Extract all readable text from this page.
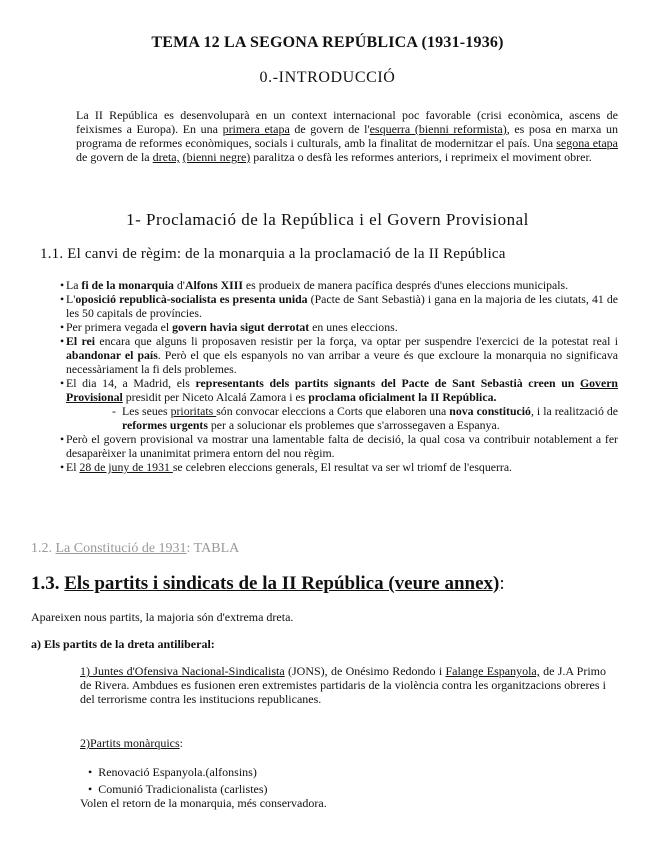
TEMA 12 LA SEGONA REPÚBLICA (1931-1936)
0.-INTRODUCCIÓ
La II República es desenvoluparà en un context internacional poc favorable (crisi econòmica, ascens de feixismes a Europa). En una primera etapa de govern de l'esquerra (bienni reformista), es posa en marxa un programa de reformes econòmiques, socials i culturals, amb la finalitat de modernitzar el país. Una segona etapa de govern de la dreta, (bienni negre) paralitza o desfà les reformes anteriors, i reprimeix el moviment obrer.
1- Proclamació de la República i el Govern Provisional
1.1. El canvi de règim: de la monarquia a la proclamació de la II República
• La fi de la monarquia d'Alfons XIII es produeix de manera pacífica després d'unes eleccions municipals.
• L'oposició republicà-socialista es presenta unida (Pacte de Sant Sebastià) i gana en la majoria de les ciutats, 41 de les 50 capitals de províncies.
• Per primera vegada el govern havia sigut derrotat en unes eleccions.
• El rei encara que alguns li proposaven resistir per la força, va optar per suspendre l'exercici de la potestat real i abandonar el país. Però el que els espanyols no van arribar a veure és que excloure la monarquia no significava necessàriament la fi dels problemes.
• El dia 14, a Madrid, els representants dels partits signants del Pacte de Sant Sebastià creen un Govern Provisional presidit per Niceto Alcalá Zamora i es proclama oficialment la II República.
- Les seues prioritats són convocar eleccions a Corts que elaboren una nova constitució, i la realització de reformes urgents per a solucionar els problemes que s'arrossegaven a Espanya.
• Però el govern provisional va mostrar una lamentable falta de decisió, la qual cosa va contribuir notablement a fer desaparèixer la unanimitat primera entorn del nou règim.
• El 28 de juny de 1931 se celebren eleccions generals, El resultat va ser wl triomf de l'esquerra.
1.2. La Constitució de 1931: TABLA
1.3. Els partits i sindicats de la II República (veure annex):
Apareixen nous partits, la majoria són d'extrema dreta.
a) Els partits de la dreta antiliberal:
1) Juntes d'Ofensiva Nacional-Sindicalista (JONS), de Onésimo Redondo i Falange Espanyola, de J.A Primo de Rivera. Ambdues es fusionen eren extremistes partidaris de la violència contra les organitzacions obreres i del terrorisme contra les institucions republicanes.
2)Partits monàrquics:
• Renovació Espanyola.(alfonsins)
• Comunió Tradicionalista (carlistes)
Volen el retorn de la monarquia, més conservadora.
